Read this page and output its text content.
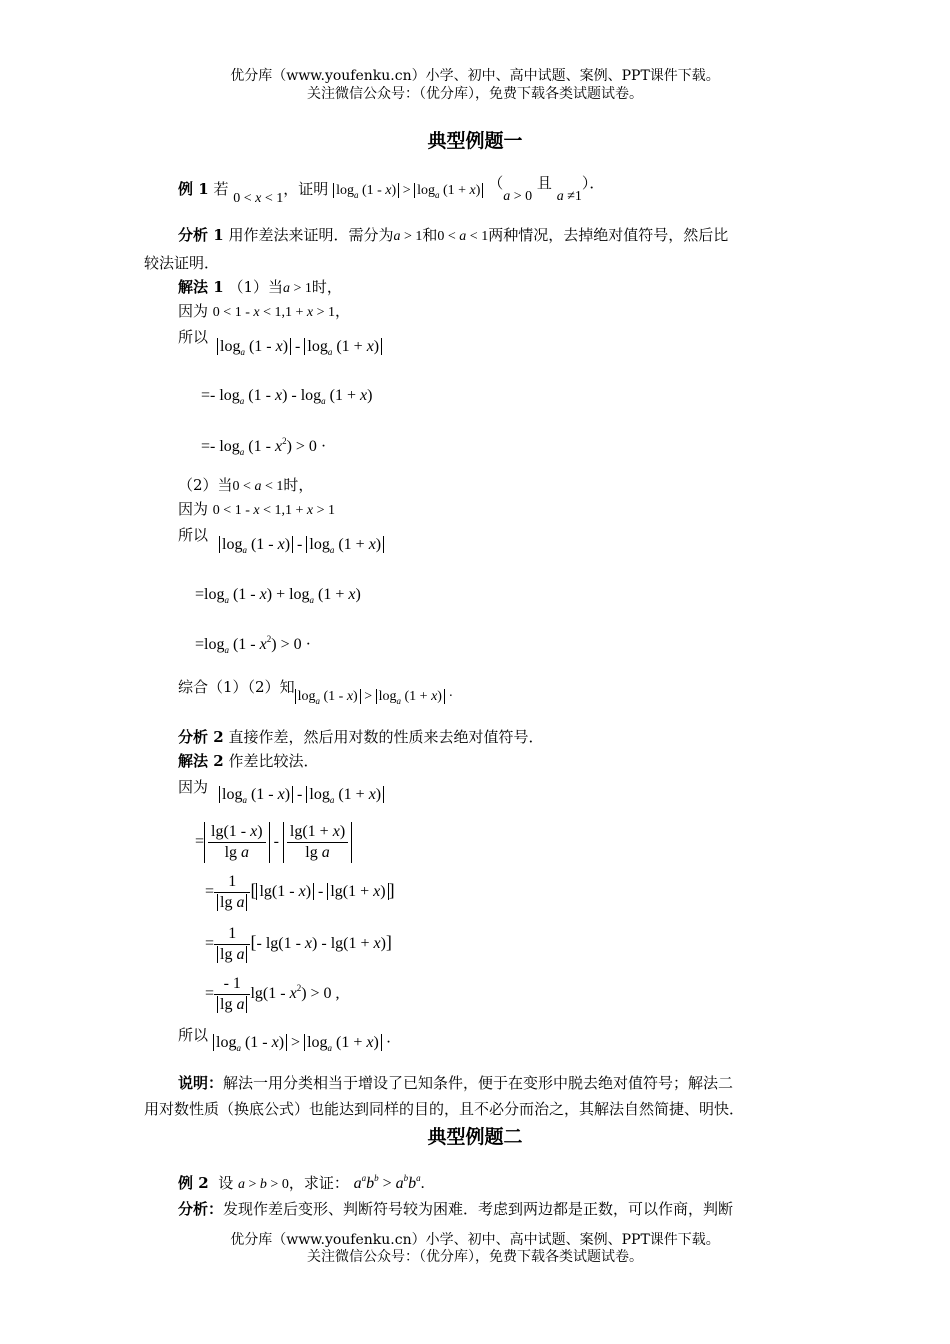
优分库（www.youfenku.cn）小学、初中、高中试题、案例、PPT课件下载。
关注微信公众号：（优分库），免费下载各类试题试卷。
典型例题一
例 1 若 0 < x < 1，证明 $\log_a (1 - x) > \log_a (1 + x) (a > 0$ 且 a ≠1）．
分析 1 用作差法来证明．需分为a > 1和0 < a < 1两种情况，去掉绝对值符号，然后比
较法证明．
解法 1 （1）当a > 1时，
因为 0 < 1 - x < 1,1 + x > 1，
所以
$\log_a (1 - x) - \log_a (1 + x)$
=- $\log_a (1 - x) - \log_a (1 + x)$
=- $\log_a (1 - x^2) > 0$ ·
（2）当0 < a < 1时，
因为 0 < 1 - x < 1,1 + x > 1
所以
$\log_a (1 - x) - \log_a (1 + x)$
$=\log_a$ $(1 - x) + \log_a (1 + x)$
$=\log_a$ $(1 - x^2) > 0$ ·
综合（1）（2）知$\log_a (1 - x) > \log_a (1 + x)$ ·
分析 2 直接作差，然后用对数的性质来去绝对值符号．
解法 2 作差比较法．
因为 $\log_a (1 - x) - \log_a (1 + x)$
= $\frac{\lg(1 - x)}{\text{lg a}} - \frac{\lg(1 + x)}{\text{lg a}}$
= $\frac{1}{\text{lg a}}$ [ lg(1 - x) - lg(1 + x) ]
= $\frac{1}{\text{lg a}}$ [- lg(1 - x) - lg(1 + x)]
= $\frac{- 1}{\text{lg a}} \lg(1 - x^2) > 0$ ,
所以 $\log_a (1 - x) > \log_a (1 + x)$ ·
说明：解法一用分类相当于增设了已知条件，便于在变形中脱去绝对值符号；解法二
用对数性质（换底公式）也能达到同样的目的，且不必分而治之，其解法自然简捷、明快．
典型例题二
例 2 设 a > b > 0，求证： $a^ab^b > a^bb^a$.
分析：发现作差后变形、判断符号较为困难．考虑到两边都是正数，可以作商，判断
优分库（www.youfenku.cn）小学、初中、高中试题、案例、PPT课件下载。
关注微信公众号：（优分库），免费下载各类试题试卷。
